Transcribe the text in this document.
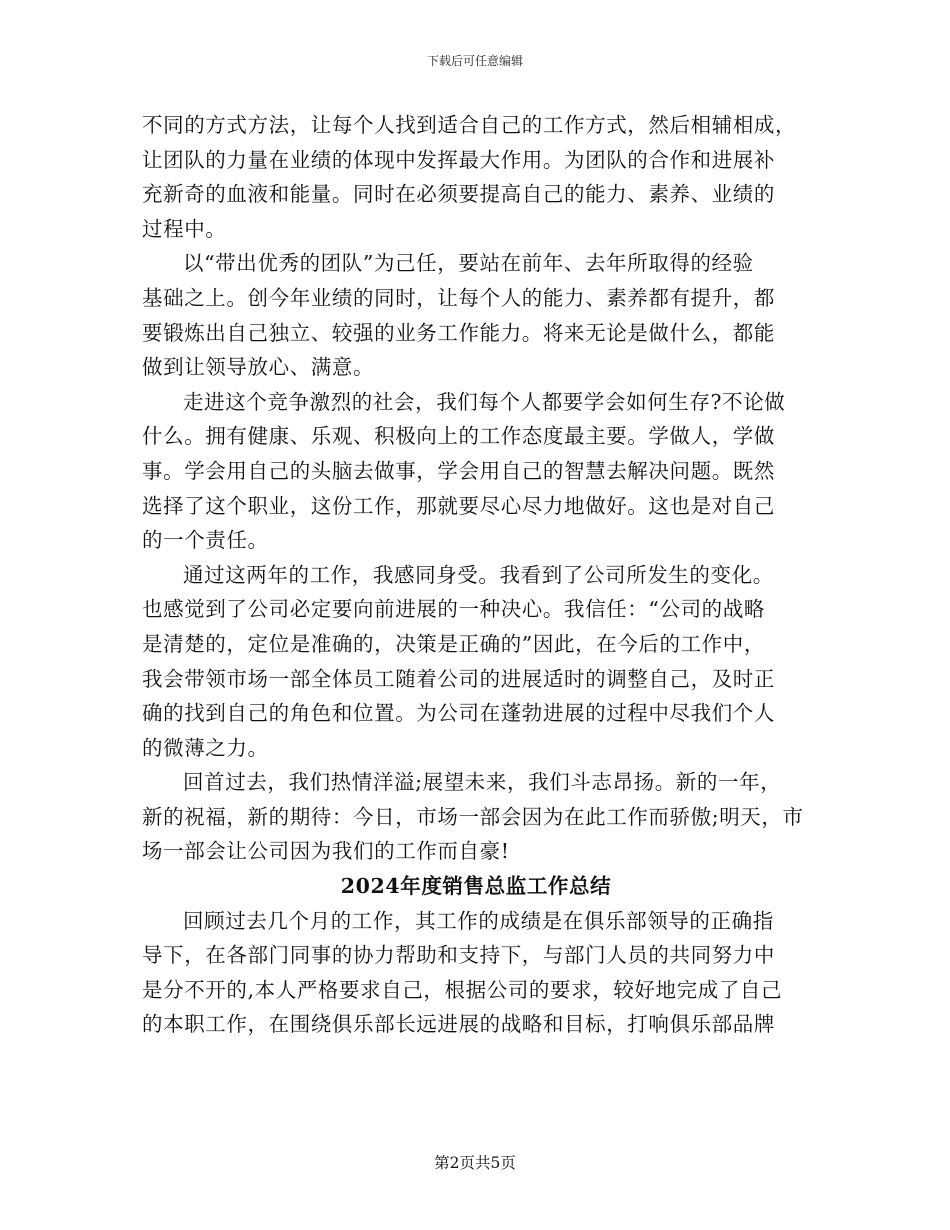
下载后可任意编辑

不同的方式方法，让每个人找到适合自己的工作方式，然后相辅相成，
让团队的力量在业绩的体现中发挥最大作用。为团队的合作和进展补
充新奇的血液和能量。同时在必须要提高自己的能力、素养、业绩的
过程中。

以“带出优秀的团队”为己任，要站在前年、去年所取得的经验
基础之上。创今年业绩的同时，让每个人的能力、素养都有提升，都
要锻炼出自己独立、较强的业务工作能力。将来无论是做什么，都能
做到让领导放心、满意。

走进这个竞争激烈的社会，我们每个人都要学会如何生存?不论做
什么。拥有健康、乐观、积极向上的工作态度最主要。学做人，学做
事。学会用自己的头脑去做事，学会用自己的智慧去解决问题。既然
选择了这个职业，这份工作，那就要尽心尽力地做好。这也是对自己
的一个责任。

通过这两年的工作，我感同身受。我看到了公司所发生的变化。
也感觉到了公司必定要向前进展的一种决心。我信任：“公司的战略
是清楚的，定位是准确的，决策是正确的”因此，在今后的工作中，
我会带领市场一部全体员工随着公司的进展适时的调整自己，及时正
确的找到自己的角色和位置。为公司在蓬勃进展的过程中尽我们个人
的微薄之力。

回首过去，我们热情洋溢;展望未来，我们斗志昂扬。新的一年，
新的祝福，新的期待：今日，市场一部会因为在此工作而骄傲;明天，市
场一部会让公司因为我们的工作而自豪!

2024年度销售总监工作总结

回顾过去几个月的工作，其工作的成绩是在俱乐部领导的正确指
导下，在各部门同事的协力帮助和支持下，与部门人员的共同努力中
是分不开的,本人严格要求自己，根据公司的要求，较好地完成了自己
的本职工作，在围绕俱乐部长远进展的战略和目标，打响俱乐部品牌

第2页共5页
